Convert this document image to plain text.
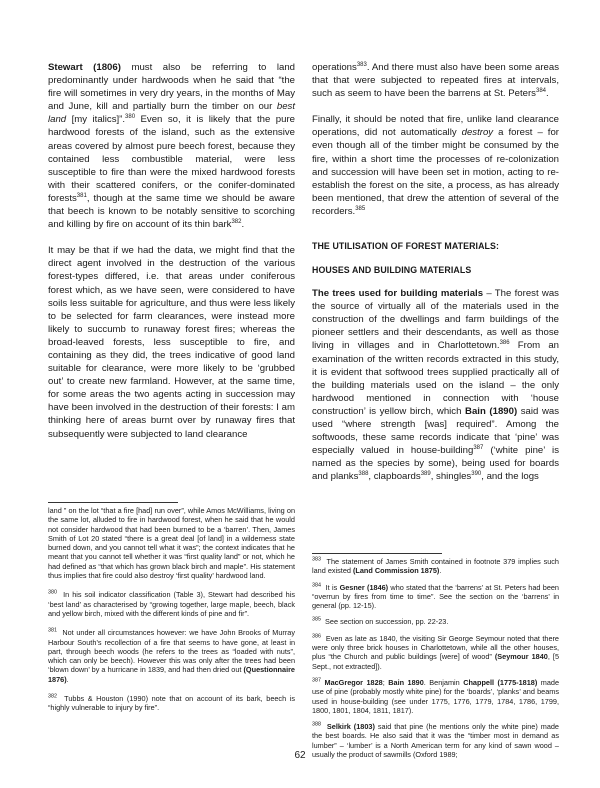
Stewart (1806) must also be referring to land predominantly under hardwoods when he said that “the fire will sometimes in very dry years, in the months of May and June, kill and partially burn the timber on our best land [my italics]”.$^{380}$ Even so, it is likely that the pure hardwood forests of the island, such as the extensive areas covered by almost pure beech forest, because they contained less combustible material, were less susceptible to fire than were the mixed hardwood forests with their scattered conifers, or the conifer-dominated forests$^{381}$, though at the same time we should be aware that beech is known to be notably sensitive to scorching and killing by fire on account of its thin bark$^{382}$.

It may be that if we had the data, we might find that the direct agent involved in the destruction of the various forest-types differed, i.e. that areas under coniferous forest which, as we have seen, were considered to have soils less suitable for agriculture, and thus were less likely to be selected for farm clearances, were instead more likely to succumb to runaway forest fires; whereas the broad-leaved forests, less susceptible to fire, and containing as they did, the trees indicative of good land suitable for clearance, were more likely to be ‘grubbed out’ to create new farmland. However, at the same time, for some areas the two agents acting in succession may have been involved in the destruction of their forests: I am thinking here of areas burnt over by runaway fires that subsequently were subjected to land clearance

land ” on the lot “that a fire [had] run over”, while Amos McWilliams, living on the same lot, alluded to fire in hardwood forest, when he said that he would not consider hardwood that had been burned to be a ‘barren’. Then, James Smith of Lot 20 stated “there is a great deal [of land] in a wilderness state burned down, and you cannot tell what it was”; the context indicates that he meant that you cannot tell whether it was “first quality land” or not, which he had defined as “that which has grown black birch and maple”. His statement thus implies that fire could also destroy ‘first quality’ hardwood land.

$^{380}$  In his soil indicator classification (Table 3), Stewart had described his ‘best land’ as characterised by “growing together, large maple, beech, black and yellow birch, mixed with the different kinds of pine and fir”.

$^{381}$  Not under all circumstances however: we have John Brooks of Murray Harbour South’s recollection of a fire that seems to have gone, at least in part, through beech woods (he refers to the trees as “loaded with nuts”, which can only be beech). However this was only after the trees had been ‘blown down’ by a hurricane in 1839, and had then dried out (Questionnaire 1876).

$^{382}$  Tubbs & Houston (1990) note that on account of its bark, beech is “highly vulnerable to injury by fire”.

operations$^{383}$. And there must also have been some areas that that were subjected to repeated fires at intervals, such as seem to have been the barrens at St. Peters$^{384}$.

Finally, it should be noted that fire, unlike land clearance operations, did not automatically destroy a forest – for even though all of the timber might be consumed by the fire, within a short time the processes of re-colonization and succession will have been set in motion, acting to re-establish the forest on the site, a process, as has already been mentioned, that drew the attention of several of the recorders.$^{385}$

THE UTILISATION OF FOREST MATERIALS:

HOUSES AND BUILDING MATERIALS

The trees used for building materials – The forest was the source of virtually all of the materials used in the construction of the dwellings and farm buildings of the pioneer settlers and their descendants, as well as those living in villages and in Charlottetown.$^{386}$ From an examination of the written records extracted in this study, it is evident that softwood trees supplied practically all of the building materials used on the island – the only hardwood mentioned in connection with ‘house construction’ is yellow birch, which Bain (1890) said was used “where strength [was] required”. Among the softwoods, these same records indicate that ‘pine’ was especially valued in house-building$^{387}$ (‘white pine’ is named as the species by some), being used for boards and planks$^{388}$, clapboards$^{389}$, shingles$^{390}$, and the logs

$^{383}$  The statement of James Smith contained in footnote 379 implies such land existed (Land Commission 1875).

$^{384}$  It is Gesner (1846) who stated that the ‘barrens’ at St. Peters had been “overrun by fires from time to time”. See the section on the ‘barrens’ in general (pp. 12-15).

$^{385}$  See section on succession, pp. 22-23.

$^{386}$  Even as late as 1840, the visiting Sir George Seymour noted that there were only three brick houses in Charlottetown, while all the other houses, plus “the Church and public buildings [were] of wood” (Seymour 1840, [5 Sept., not extracted]).

$^{387}$ MacGregor 1828; Bain 1890. Benjamin Chappell (1775-1818) made use of pine (probably mostly white pine) for the ‘boards’, ‘planks’ and beams used in house-building (see under 1775, 1776, 1779, 1784, 1786, 1799, 1800, 1801, 1804, 1811, 1817).

$^{388}$ Selkirk (1803) said that pine (he mentions only the white pine) made the best boards. He also said that it was the “timber most in demand as lumber” – ‘lumber’ is a North American term for any kind of sawn wood – usually the product of sawmills (Oxford 1989;

62
